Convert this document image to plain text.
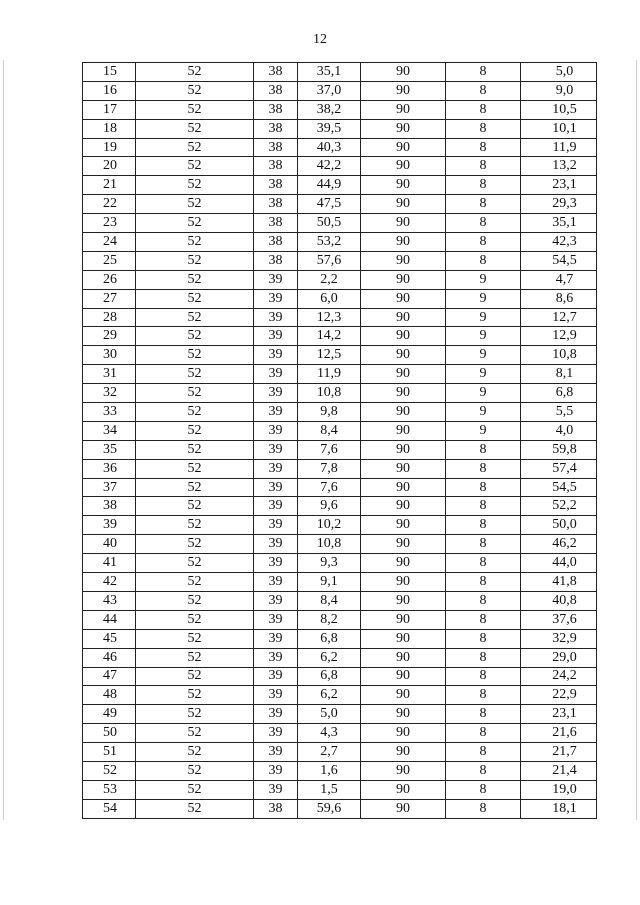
12
15	52	38	35,1	90	8	5,0
16	52	38	37,0	90	8	9,0
17	52	38	38,2	90	8	10,5
18	52	38	39,5	90	8	10,1
19	52	38	40,3	90	8	11,9
20	52	38	42,2	90	8	13,2
21	52	38	44,9	90	8	23,1
22	52	38	47,5	90	8	29,3
23	52	38	50,5	90	8	35,1
24	52	38	53,2	90	8	42,3
25	52	38	57,6	90	8	54,5
26	52	39	2,2	90	9	4,7
27	52	39	6,0	90	9	8,6
28	52	39	12,3	90	9	12,7
29	52	39	14,2	90	9	12,9
30	52	39	12,5	90	9	10,8
31	52	39	11,9	90	9	8,1
32	52	39	10,8	90	9	6,8
33	52	39	9,8	90	9	5,5
34	52	39	8,4	90	9	4,0
35	52	39	7,6	90	8	59,8
36	52	39	7,8	90	8	57,4
37	52	39	7,6	90	8	54,5
38	52	39	9,6	90	8	52,2
39	52	39	10,2	90	8	50,0
40	52	39	10,8	90	8	46,2
41	52	39	9,3	90	8	44,0
42	52	39	9,1	90	8	41,8
43	52	39	8,4	90	8	40,8
44	52	39	8,2	90	8	37,6
45	52	39	6,8	90	8	32,9
46	52	39	6,2	90	8	29,0
47	52	39	6,8	90	8	24,2
48	52	39	6,2	90	8	22,9
49	52	39	5,0	90	8	23,1
50	52	39	4,3	90	8	21,6
51	52	39	2,7	90	8	21,7
52	52	39	1,6	90	8	21,4
53	52	39	1,5	90	8	19,0
54	52	38	59,6	90	8	18,1
